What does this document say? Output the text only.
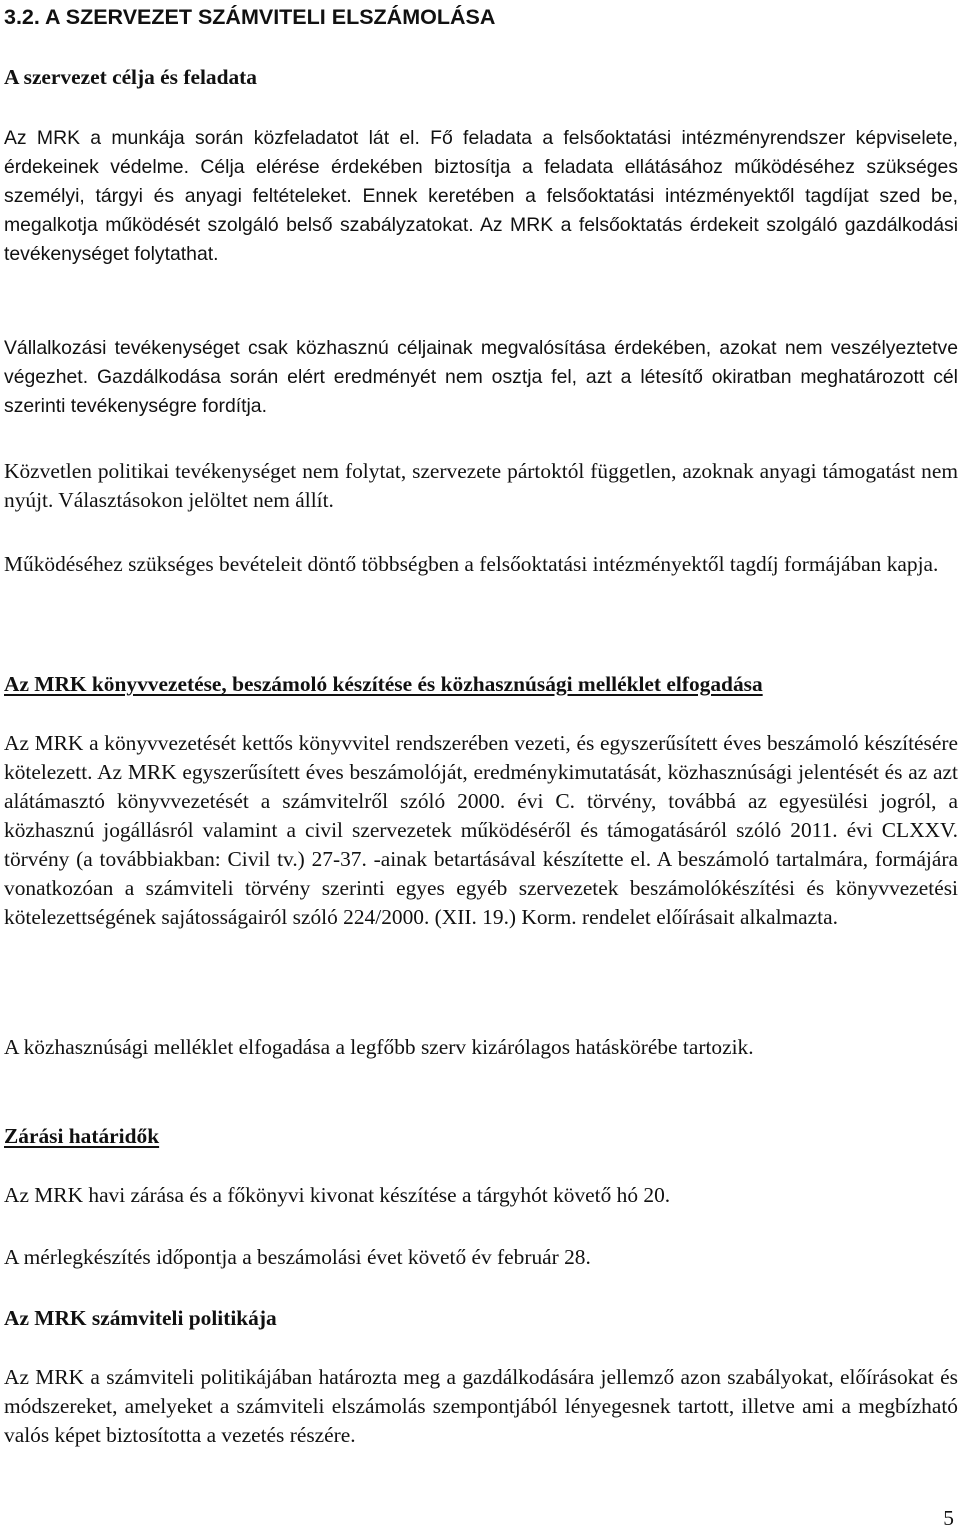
3.2. A SZERVEZET SZÁMVITELI ELSZÁMOLÁSA
A szervezet célja és feladata

Az MRK a munkája során közfeladatot lát el. Fő feladata a felsőoktatási intézményrendszer képviselete, érdekeinek védelme. Célja elérése érdekében biztosítja a feladata ellátásához működéséhez szükséges személyi, tárgyi és anyagi feltételeket. Ennek keretében a felsőoktatási intézményektől tagdíjat szed be, megalkotja működését szolgáló belső szabályzatokat. Az MRK a felsőoktatás érdekeit szolgáló gazdálkodási tevékenységet folytathat.

Vállalkozási tevékenységet csak közhasznú céljainak megvalósítása érdekében, azokat nem veszélyeztetve végezhet. Gazdálkodása során elért eredményét nem osztja fel, azt a létesítő okiratban meghatározott cél szerinti tevékenységre fordítja.

Közvetlen politikai tevékenységet nem folytat, szervezete pártoktól független, azoknak anyagi támogatást nem nyújt. Választásokon jelöltet nem állít.

Működéséhez szükséges bevételeit döntő többségben a felsőoktatási intézményektől tagdíj formájában kapja.

Az MRK könyvvezetése, beszámoló készítése és közhasznúsági melléklet elfogadása

Az MRK a könyvvezetését kettős könyvvitel rendszerében vezeti, és egyszerűsített éves beszámoló készítésére kötelezett. Az MRK egyszerűsített éves beszámolóját, eredménykimutatását, közhasznúsági jelentését és az azt alátámasztó könyvvezetését a számvitelről szóló 2000. évi C. törvény, továbbá az egyesülési jogról, a közhasznú jogállásról valamint a civil szervezetek működéséről és támogatásáról szóló 2011. évi CLXXV. törvény (a továbbiakban: Civil tv.) 27-37. -ainak betartásával készítette el. A beszámoló tartalmára, formájára vonatkozóan a számviteli törvény szerinti egyes egyéb szervezetek beszámolókészítési és könyvvezetési kötelezettségének sajátosságairól szóló 224/2000. (XII. 19.) Korm. rendelet előírásait alkalmazta.

A közhasznúsági melléklet elfogadása a legfőbb szerv kizárólagos hatáskörébe tartozik.

Zárási határidők

Az MRK havi zárása és a főkönyvi kivonat készítése a tárgyhót követő hó 20.

A mérlegkészítés időpontja a beszámolási évet követő év február 28.

Az MRK számviteli politikája

Az MRK a számviteli politikájában határozta meg a gazdálkodására jellemző azon szabályokat, előírásokat és módszereket, amelyeket a számviteli elszámolás szempontjából lényegesnek tartott, illetve ami a megbízható valós képet biztosította a vezetés részére.

5
